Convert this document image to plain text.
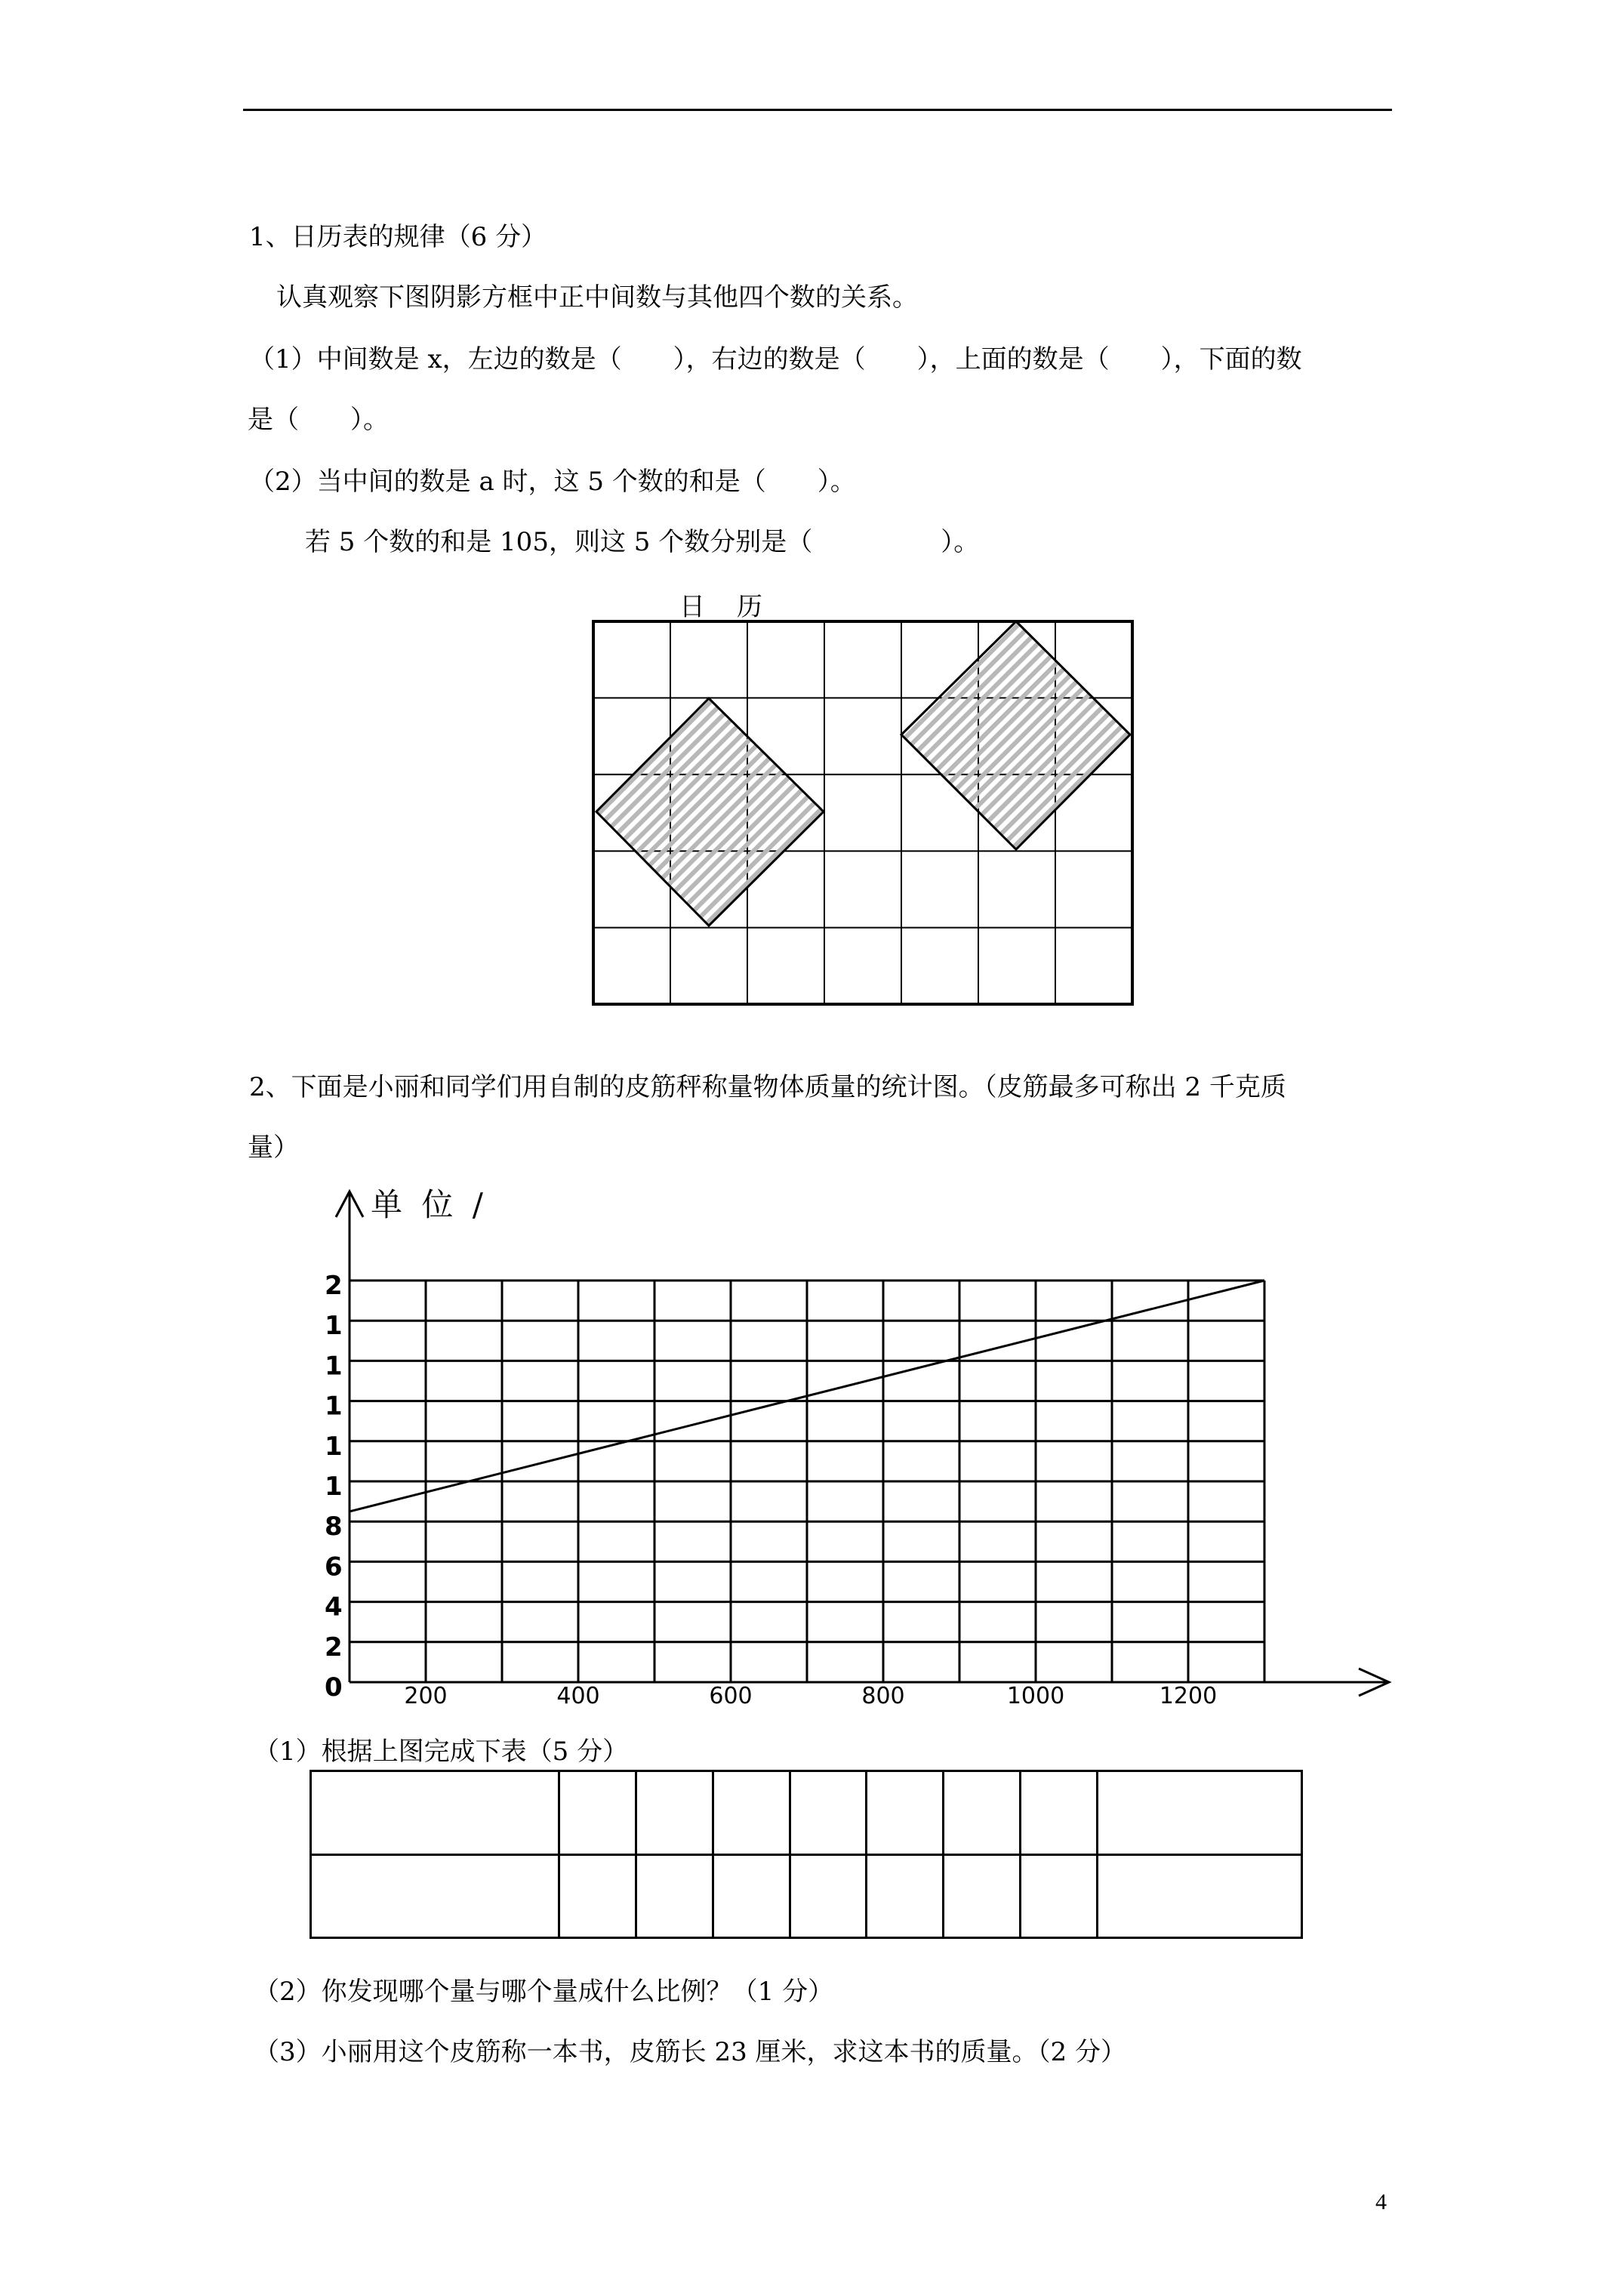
1、日历表的规律（6 分）
认真观察下图阴影方框中正中间数与其他四个数的关系。
（1）中间数是 x，左边的数是（　　），右边的数是（　　），上面的数是（　　），下面的数
是（　　）。
（2）当中间的数是 a 时，这 5 个数的和是（　　）。
若 5 个数的和是 105，则这 5 个数分别是（　　　　　）。
日　历
2、下面是小丽和同学们用自制的皮筋秤称量物体质量的统计图。（皮筋最多可称出 2 千克质
量）
单 位 /
0
2
4
6
8
1
1
1
1
1
2
200	400	600	800	1000	1200
（1）根据上图完成下表（5 分）

（2）你发现哪个量与哪个量成什么比例？（1 分）
（3）小丽用这个皮筋称一本书，皮筋长 23 厘米，求这本书的质量。（2 分）
4
